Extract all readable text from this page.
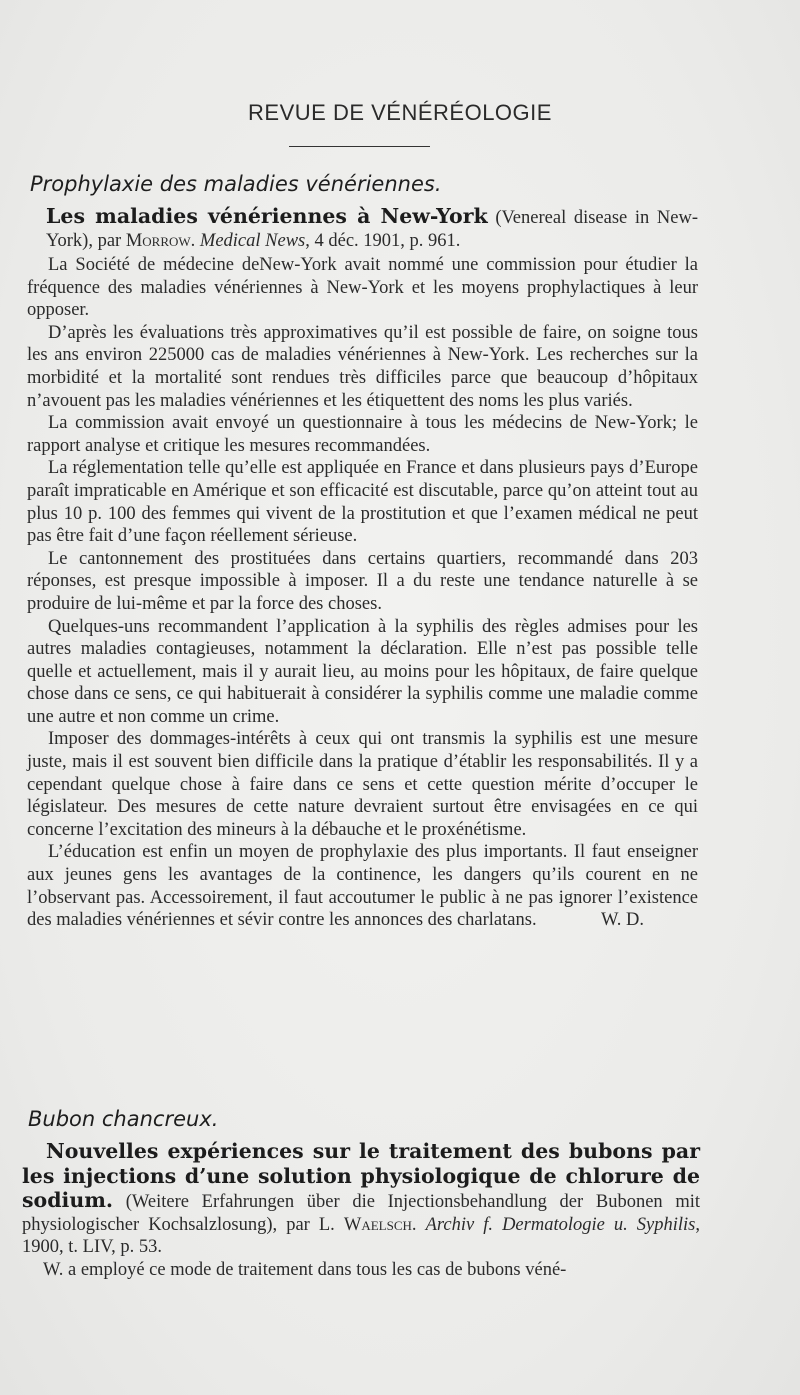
REVUE DE VÉNÉRÉOLOGIE
Prophylaxie des maladies vénériennes.

Les maladies vénériennes à New-York (Venereal disease in New-York), par Morrow. Medical News, 4 déc. 1901, p. 961.

La Société de médecine deNew-York avait nommé une commission pour étudier la fréquence des maladies vénériennes à New-York et les moyens prophylactiques à leur opposer.

D’après les évaluations très approximatives qu’il est possible de faire, on soigne tous les ans environ 225000 cas de maladies vénériennes à New-York. Les recherches sur la morbidité et la mortalité sont rendues très difficiles parce que beaucoup d’hôpitaux n’avouent pas les maladies vénériennes et les étiquettent des noms les plus variés.

La commission avait envoyé un questionnaire à tous les médecins de New-York; le rapport analyse et critique les mesures recommandées.

La réglementation telle qu’elle est appliquée en France et dans plusieurs pays d’Europe paraît impraticable en Amérique et son efficacité est discutable, parce qu’on atteint tout au plus 10 p. 100 des femmes qui vivent de la prostitution et que l’examen médical ne peut pas être fait d’une façon réellement sérieuse.

Le cantonnement des prostituées dans certains quartiers, recommandé dans 203 réponses, est presque impossible à imposer. Il a du reste une tendance naturelle à se produire de lui-même et par la force des choses.

Quelques-uns recommandent l’application à la syphilis des règles admises pour les autres maladies contagieuses, notamment la déclaration. Elle n’est pas possible telle quelle et actuellement, mais il y aurait lieu, au moins pour les hôpitaux, de faire quelque chose dans ce sens, ce qui habituerait à considérer la syphilis comme une maladie comme une autre et non comme un crime.

Imposer des dommages-intérêts à ceux qui ont transmis la syphilis est une mesure juste, mais il est souvent bien difficile dans la pratique d’établir les responsabilités. Il y a cependant quelque chose à faire dans ce sens et cette question mérite d’occuper le législateur. Des mesures de cette nature devraient surtout être envisagées en ce qui concerne l’excitation des mineurs à la débauche et le proxénétisme.

L’éducation est enfin un moyen de prophylaxie des plus importants. Il faut enseigner aux jeunes gens les avantages de la continence, les dangers qu’ils courent en ne l’observant pas. Accessoirement, il faut accoutumer le public à ne pas ignorer l’existence des maladies vénériennes et sévir contre les annonces des charlatans.	W. D.

Bubon chancreux.

Nouvelles expériences sur le traitement des bubons par les injections d’une solution physiologique de chlorure de sodium. (Weitere Erfahrungen über die Injectionsbehandlung der Bubonen mit physiologischer Kochsalzlosung), par L. Waelsch. Archiv f. Dermatologie u. Syphilis, 1900, t. LIV, p. 53.

W. a employé ce mode de traitement dans tous les cas de bubons véné-
